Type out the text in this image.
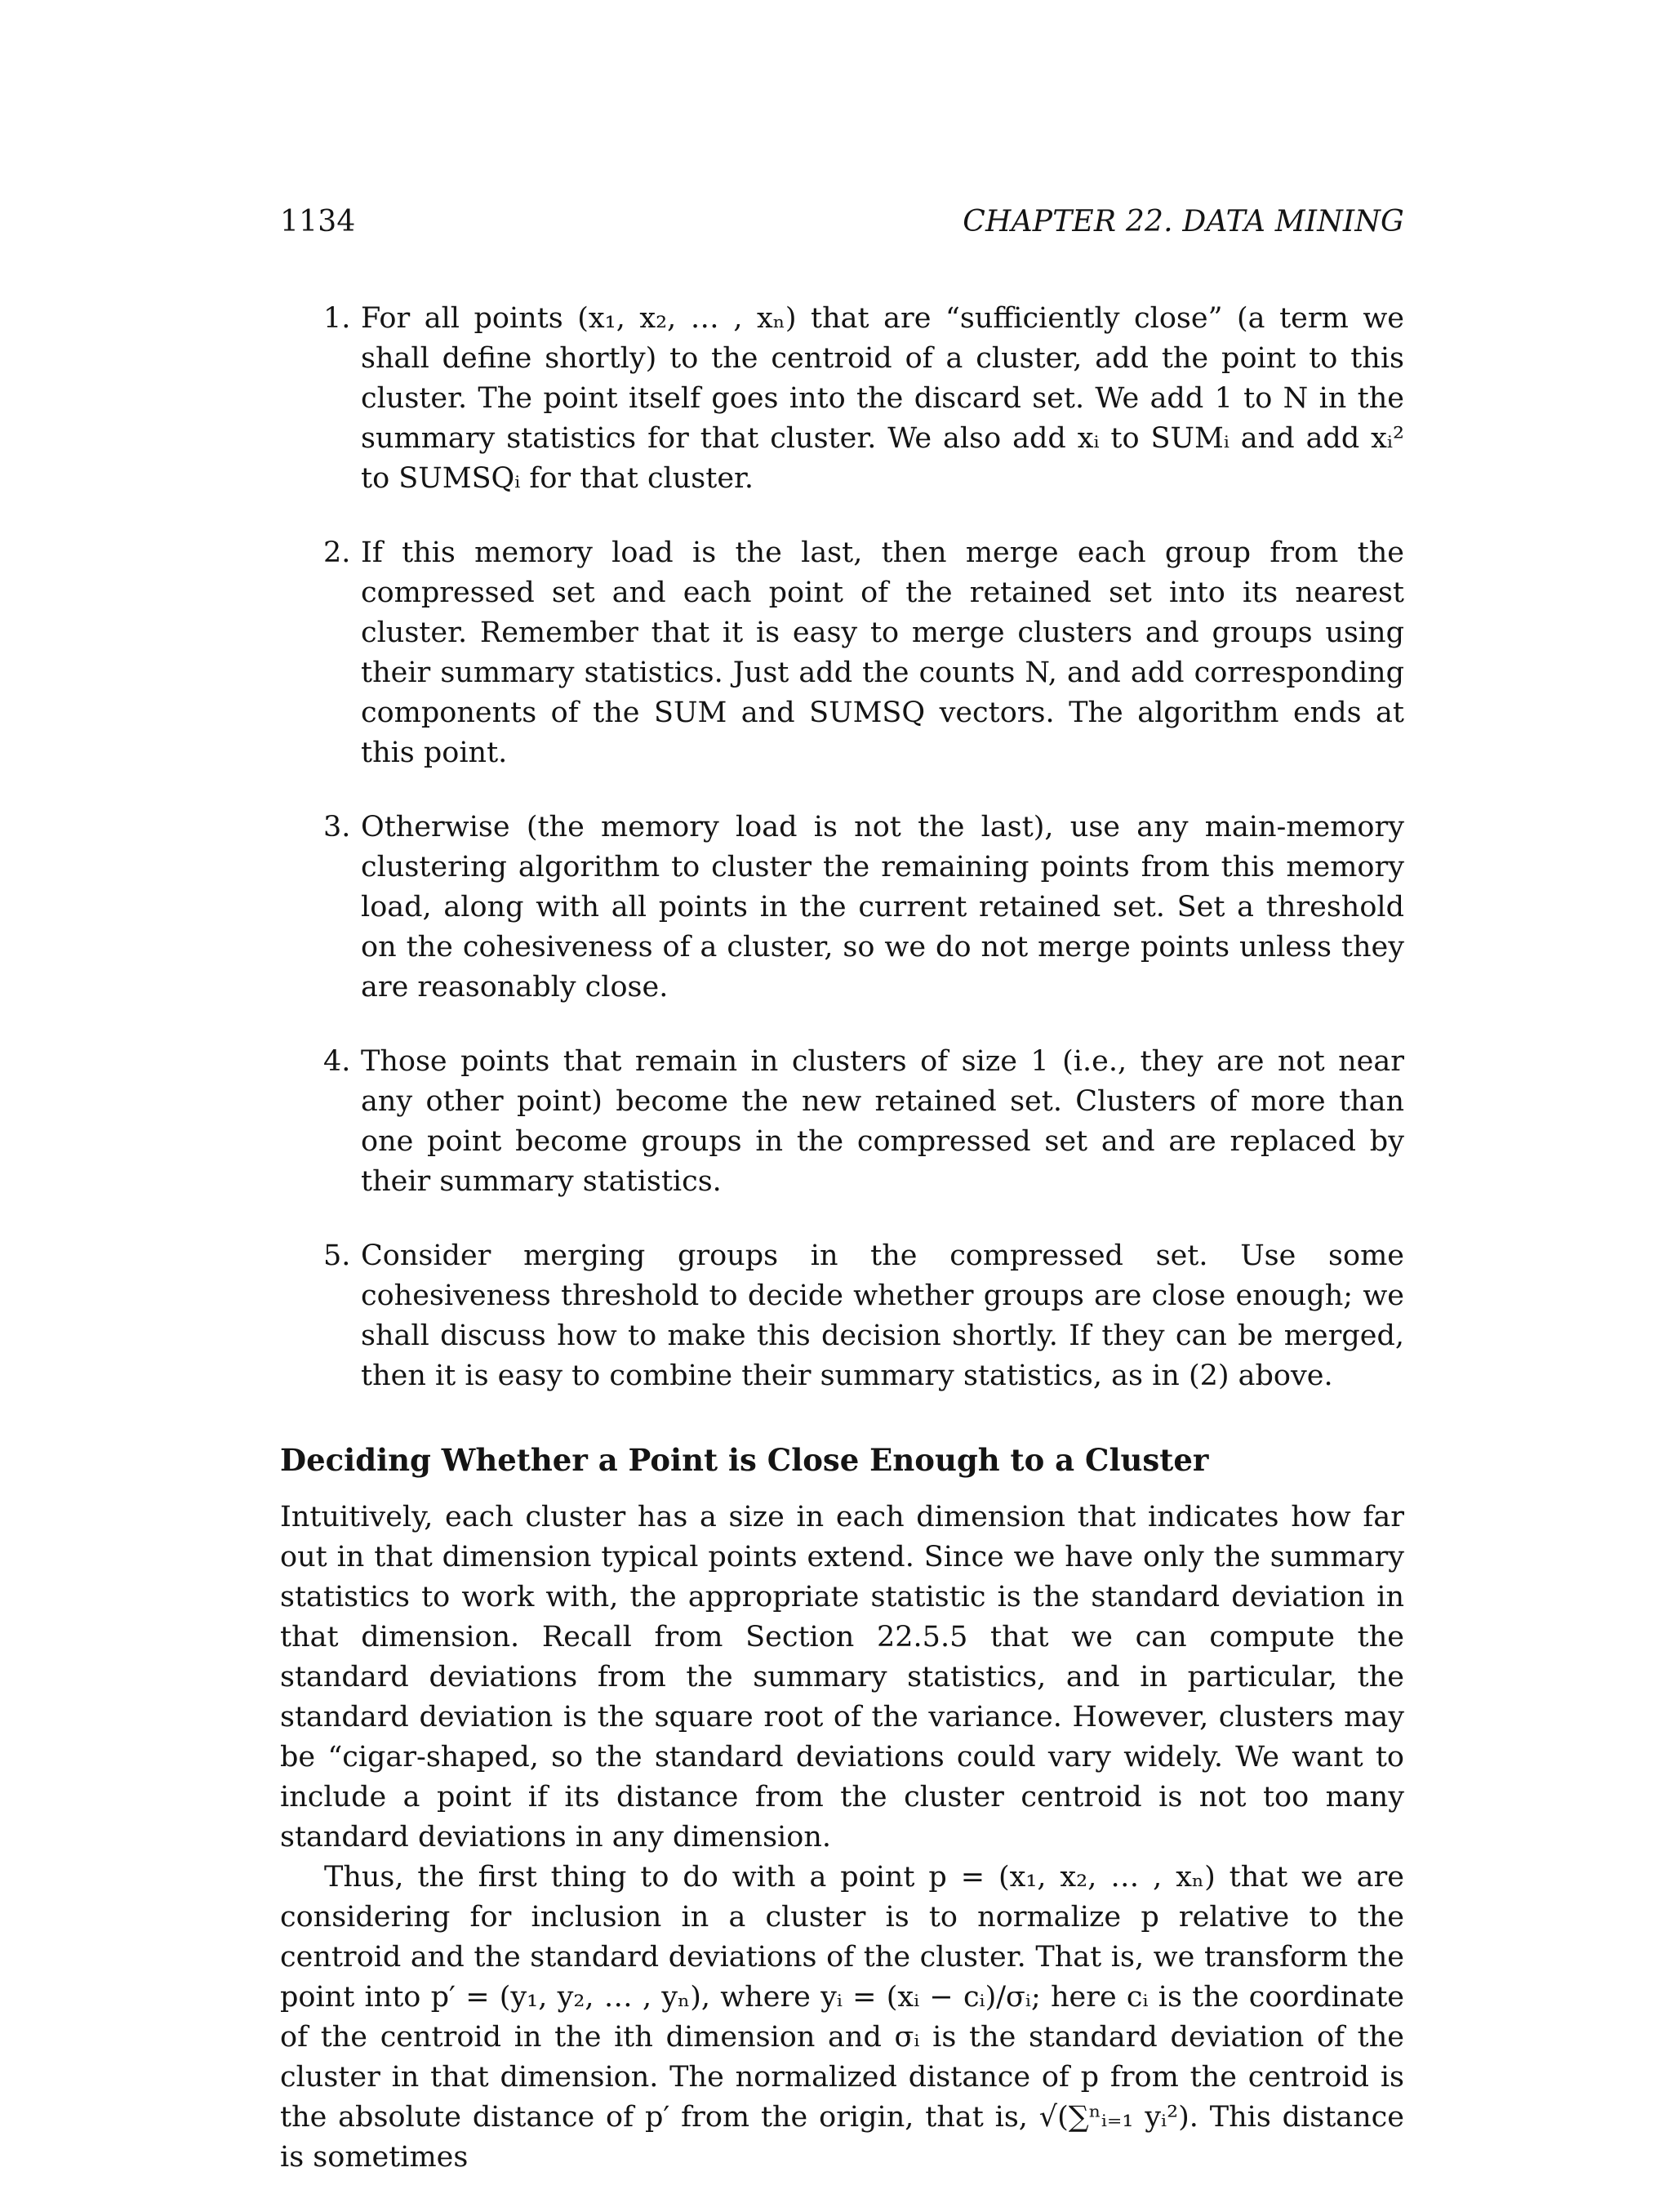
1134	CHAPTER 22. DATA MINING
1. For all points (x₁, x₂, … , xₙ) that are “sufficiently close” (a term we shall define shortly) to the centroid of a cluster, add the point to this cluster. The point itself goes into the discard set. We add 1 to N in the summary statistics for that cluster. We also add xᵢ to SUMᵢ and add xᵢ² to SUMSQᵢ for that cluster.
2. If this memory load is the last, then merge each group from the compressed set and each point of the retained set into its nearest cluster. Remember that it is easy to merge clusters and groups using their summary statistics. Just add the counts N, and add corresponding components of the SUM and SUMSQ vectors. The algorithm ends at this point.
3. Otherwise (the memory load is not the last), use any main-memory clustering algorithm to cluster the remaining points from this memory load, along with all points in the current retained set. Set a threshold on the cohesiveness of a cluster, so we do not merge points unless they are reasonably close.
4. Those points that remain in clusters of size 1 (i.e., they are not near any other point) become the new retained set. Clusters of more than one point become groups in the compressed set and are replaced by their summary statistics.
5. Consider merging groups in the compressed set. Use some cohesiveness threshold to decide whether groups are close enough; we shall discuss how to make this decision shortly. If they can be merged, then it is easy to combine their summary statistics, as in (2) above.
Deciding Whether a Point is Close Enough to a Cluster

Intuitively, each cluster has a size in each dimension that indicates how far out in that dimension typical points extend. Since we have only the summary statistics to work with, the appropriate statistic is the standard deviation in that dimension. Recall from Section 22.5.5 that we can compute the standard deviations from the summary statistics, and in particular, the standard deviation is the square root of the variance. However, clusters may be “cigar-shaped, so the standard deviations could vary widely. We want to include a point if its distance from the cluster centroid is not too many standard deviations in any dimension.

Thus, the first thing to do with a point p = (x₁, x₂, … , xₙ) that we are considering for inclusion in a cluster is to normalize p relative to the centroid and the standard deviations of the cluster. That is, we transform the point into p′ = (y₁, y₂, … , yₙ), where yᵢ = (xᵢ − cᵢ)/σᵢ; here cᵢ is the coordinate of the centroid in the ith dimension and σᵢ is the standard deviation of the cluster in that dimension. The normalized distance of p from the centroid is the absolute distance of p′ from the origin, that is, √(∑ⁿᵢ₌₁ yᵢ²). This distance is sometimes
